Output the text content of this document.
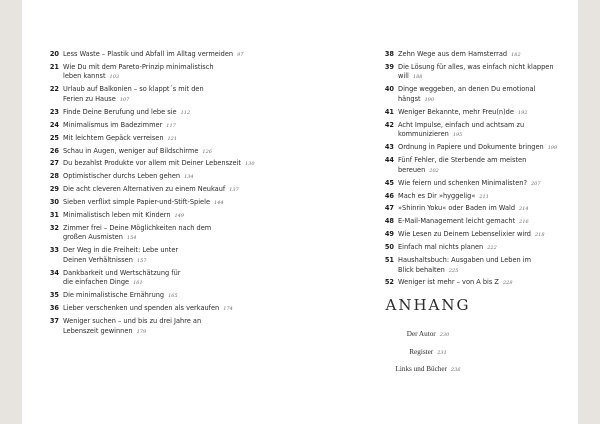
20 Less Waste – Plastik und Abfall im Alltag vermeiden 97
21 Wie Du mit dem Pareto-Prinzip minimalistisch
leben kannst 103
22 Urlaub auf Balkonien – so klappt´s mit den
Ferien zu Hause 107
23 Finde Deine Berufung und lebe sie 112
24 Minimalismus im Badezimmer 117
25 Mit leichtem Gepäck verreisen 121
26 Schau in Augen, weniger auf Bildschirme 126
27 Du bezahlst Produkte vor allem mit Deiner Lebenszeit 130
28 Optimistischer durchs Leben gehen 134
29 Die acht cleveren Alternativen zu einem Neukauf 137
30 Sieben verflixt simple Papier-und-Stift-Spiele 144
31 Minimalistisch leben mit Kindern 149
32 Zimmer frei – Deine Möglichkeiten nach dem
großen Ausmisten 154
33 Der Weg in die Freiheit: Lebe unter
Deinen Verhältnissen 157
34 Dankbarkeit und Wertschätzung für
die einfachen Dinge 161
35 Die minimalistische Ernährung 165
36 Lieber verschenken und spenden als verkaufen 174
37 Weniger suchen – und bis zu drei Jahre an
Lebenszeit gewinnen 179
38 Zehn Wege aus dem Hamsterrad 182
39 Die Lösung für alles, was einfach nicht klappen will 188
40 Dinge weggeben, an denen Du emotional hängst 190
41 Weniger Bekannte, mehr Freu(n)de 192
42 Acht Impulse, einfach und achtsam zu kommunizieren 195
43 Ordnung in Papiere und Dokumente bringen 199
44 Fünf Fehler, die Sterbende am meisten bereuen 202
45 Wie feiern und schenken Minimalisten? 207
46 Mach es Dir »hyggelig« 211
47 »Shinrin Yoku« oder Baden im Wald 214
48 E-Mail-Management leicht gemacht 216
49 Wie Lesen zu Deinem Lebenselixier wird 218
50 Einfach mal nichts planen 222
51 Haushaltsbuch: Ausgaben und Leben im
Blick behalten 225
52 Weniger ist mehr – von A bis Z 228
ANHANG
Der Autor 230
Register 231
Links und Bücher 236
